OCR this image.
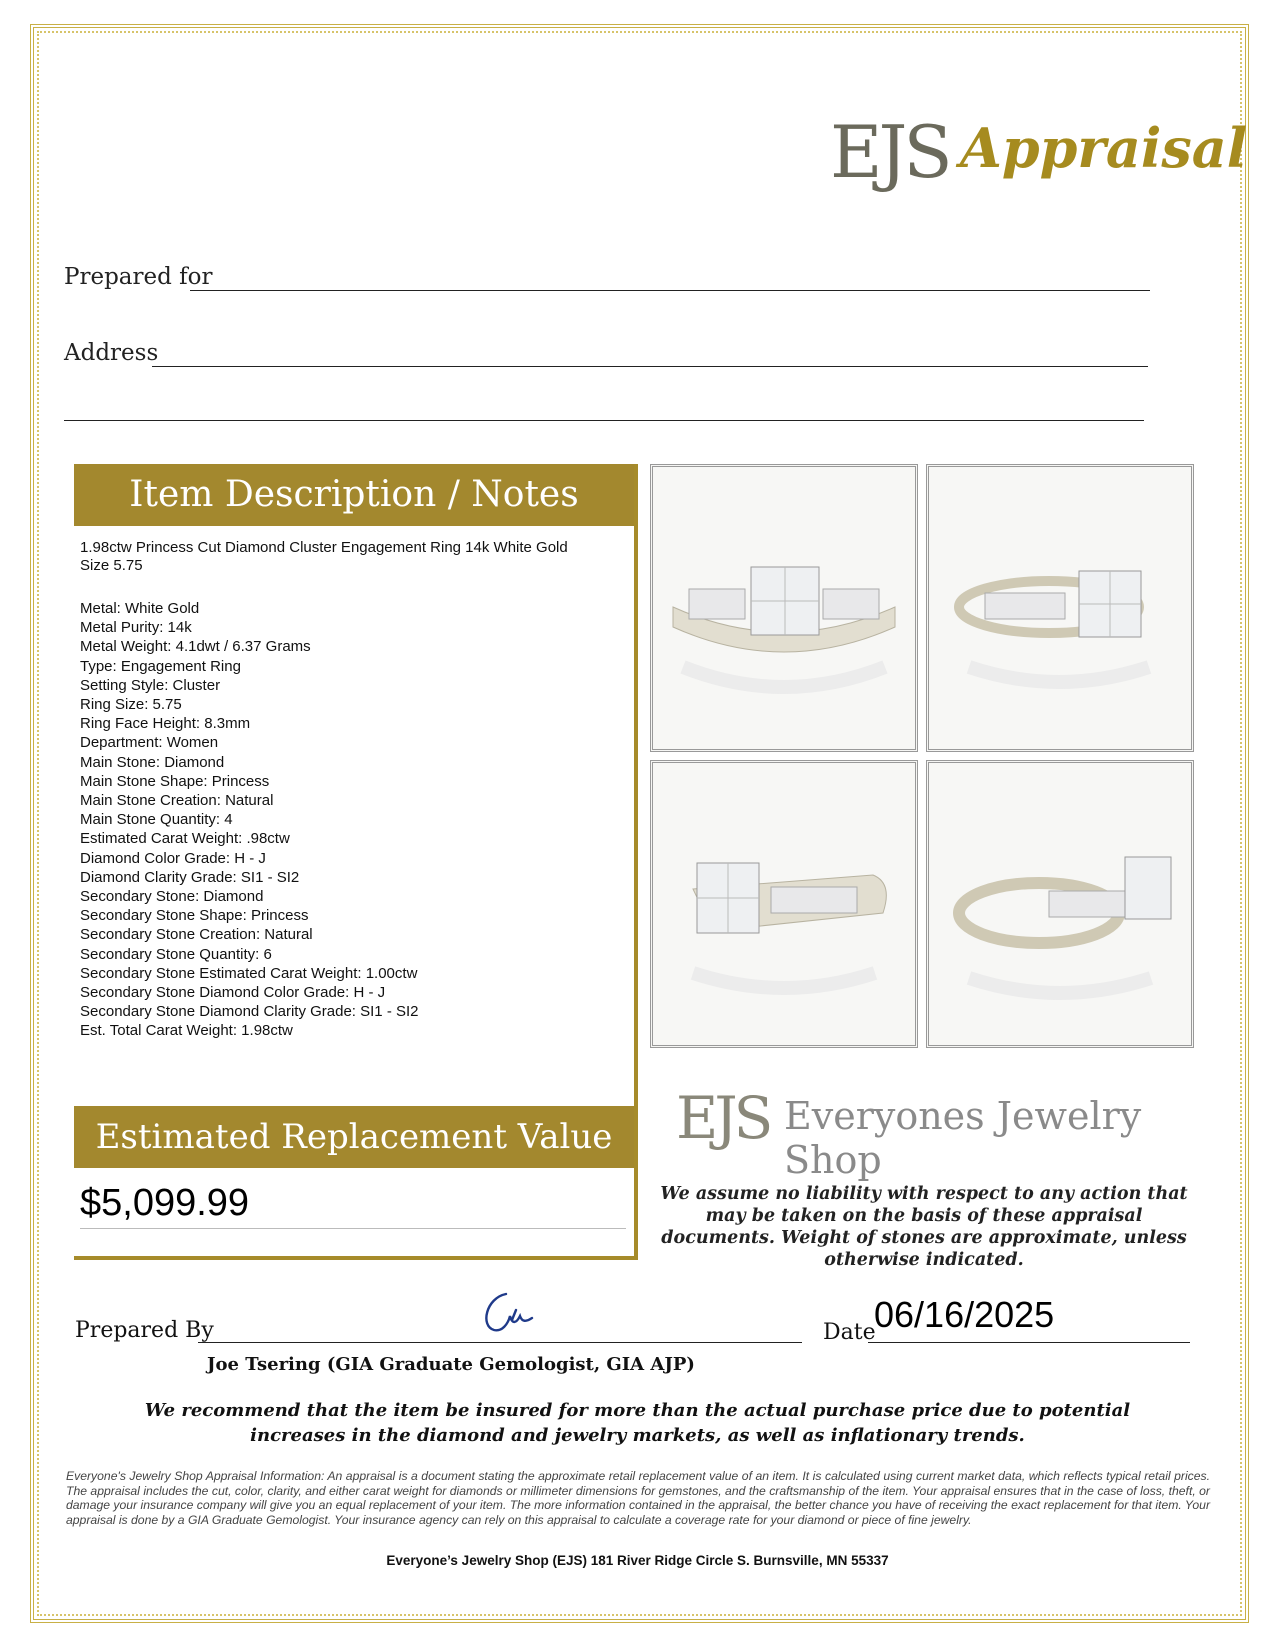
EJS Appraisal
Prepared for
Address
Item Description / Notes
1.98ctw Princess Cut Diamond Cluster Engagement Ring 14k White Gold
Size 5.75
Metal: White Gold
Metal Purity: 14k
Metal Weight: 4.1dwt / 6.37 Grams
Type: Engagement Ring
Setting Style: Cluster
Ring Size: 5.75
Ring Face Height: 8.3mm
Department: Women
Main Stone: Diamond
Main Stone Shape: Princess
Main Stone Creation: Natural
Main Stone Quantity: 4
Estimated Carat Weight: .98ctw
Diamond Color Grade: H - J
Diamond Clarity Grade: SI1 - SI2
Secondary Stone: Diamond
Secondary Stone Shape: Princess
Secondary Stone Creation: Natural
Secondary Stone Quantity: 6
Secondary Stone Estimated Carat Weight: 1.00ctw
Secondary Stone Diamond Color Grade: H - J
Secondary Stone Diamond Clarity Grade: SI1 - SI2
Est. Total Carat Weight: 1.98ctw
Estimated Replacement Value
$5,099.99
EJS Everyones Jewelry Shop
We assume no liability with respect to any action that may be taken on the basis of these appraisal documents. Weight of stones are approximate, unless otherwise indicated.
Prepared By	Date
06/16/2025
Joe Tsering (GIA Graduate Gemologist, GIA AJP)
We recommend that the item be insured for more than the actual purchase price due to potential increases in the diamond and jewelry markets, as well as inflationary trends.
Everyone's Jewelry Shop Appraisal Information: An appraisal is a document stating the approximate retail replacement value of an item. It is calculated using current market data, which reflects typical retail prices. The appraisal includes the cut, color, clarity, and either carat weight for diamonds or millimeter dimensions for gemstones, and the craftsmanship of the item. Your appraisal ensures that in the case of loss, theft, or damage your insurance company will give you an equal replacement of your item. The more information contained in the appraisal, the better chance you have of receiving the exact replacement for that item. Your appraisal is done by a GIA Graduate Gemologist. Your insurance agency can rely on this appraisal to calculate a coverage rate for your diamond or piece of fine jewelry.
Everyone’s Jewelry Shop (EJS) 181 River Ridge Circle S. Burnsville, MN 55337
